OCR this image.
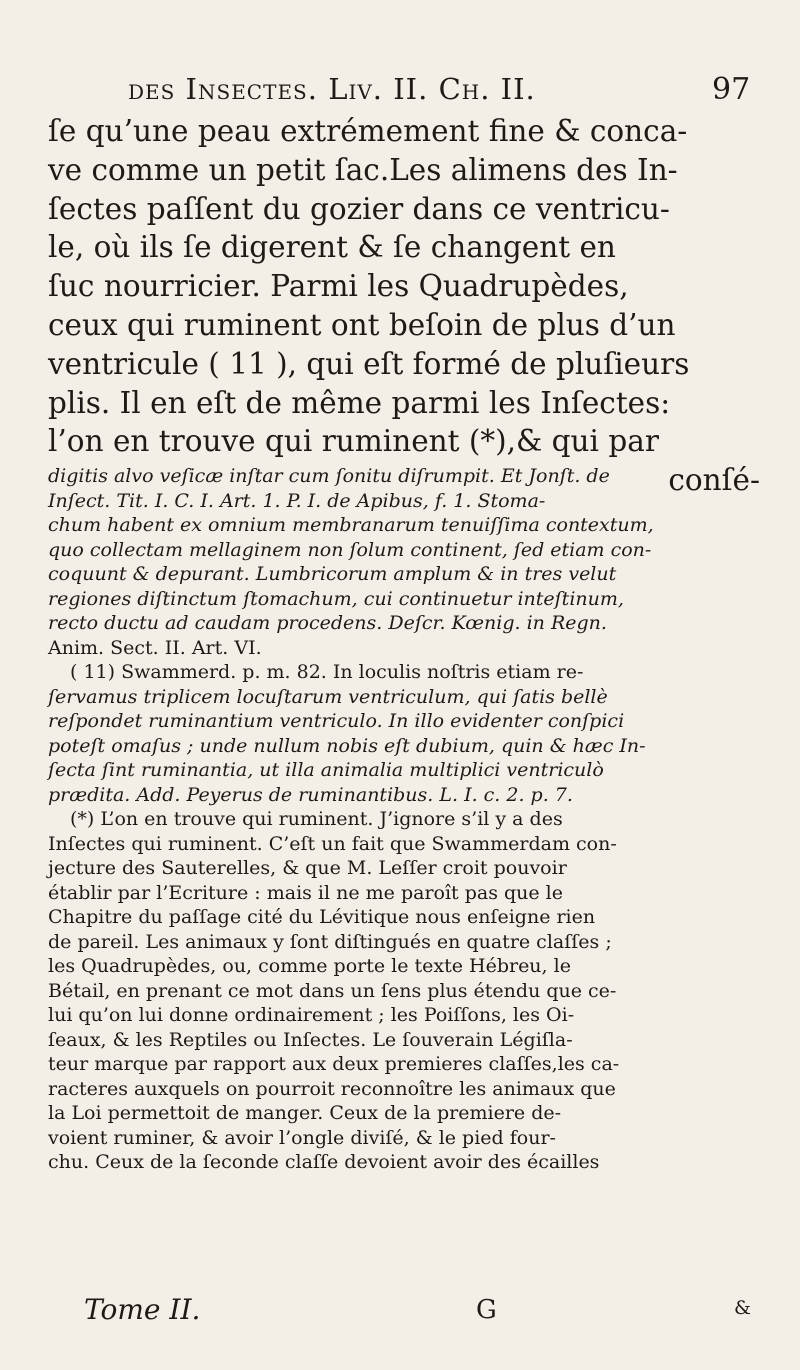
des Insectes. Liv. II. Ch. II.	97
ſe qu’une peau extrémement fine & conca-
ve comme un petit ſac.Les alimens des In-
ſectes paſſent du gozier dans ce ventricu-
le, où ils ſe digerent & ſe changent en
ſuc nourricier. Parmi les Quadrupèdes,
ceux qui ruminent ont beſoin de plus d’un
ventricule ( 11 ), qui eſt formé de pluſieurs
plis. Il en eſt de même parmi les Inſectes:
l’on en trouve qui ruminent (*),& qui par
conſé-
digitis alvo veſicæ inſtar cum ſonitu diſrumpit. Et Jonſt. de
Inſect. Tit. I. C. I. Art. 1. P. I. de Apibus, f. 1. Stoma-
chum habent ex omnium membranarum tenuiſſima contextum,
quo collectam mellaginem non ſolum continent, ſed etiam con-
coquunt & depurant. Lumbricorum amplum & in tres velut
regiones diſtinctum ſtomachum, cui continuetur inteſtinum,
recto ductu ad caudam procedens. Deſcr. Kœnig. in Regn.
Anim. Sect. II. Art. VI.
( 11) Swammerd. p. m. 82. In loculis noſtris etiam re-
ſervamus triplicem locuſtarum ventriculum, qui ſatis bellè
reſpondet ruminantium ventriculo. In illo evidenter conſpici
poteſt omaſus ; unde nullum nobis eſt dubium, quin & hæc In-
ſecta ſint ruminantia, ut illa animalia multiplici ventriculò
prædita. Add. Peyerus de ruminantibus. L. I. c. 2. p. 7.
(*) L’on en trouve qui ruminent. J’ignore s’il y a des
Inſectes qui ruminent. C’eſt un fait que Swammerdam con-
jecture des Sauterelles, & que M. Leſſer croit pouvoir
établir par l’Ecriture : mais il ne me paroît pas que le
Chapitre du paſſage cité du Lévitique nous enſeigne rien
de pareil. Les animaux y ſont diſtingués en quatre claſſes ;
les Quadrupèdes, ou, comme porte le texte Hébreu, le
Bétail, en prenant ce mot dans un ſens plus étendu que ce-
lui qu’on lui donne ordinairement ; les Poiſſons, les Oi-
ſeaux, & les Reptiles ou Inſectes. Le ſouverain Légiſla-
teur marque par rapport aux deux premieres claſſes,les ca-
racteres auxquels on pourroit reconnoître les animaux que
la Loi permettoit de manger. Ceux de la premiere de-
voient ruminer, & avoir l’ongle diviſé, & le pied four-
chu. Ceux de la ſeconde claſſe devoient avoir des écailles
Tome II.	G	&
